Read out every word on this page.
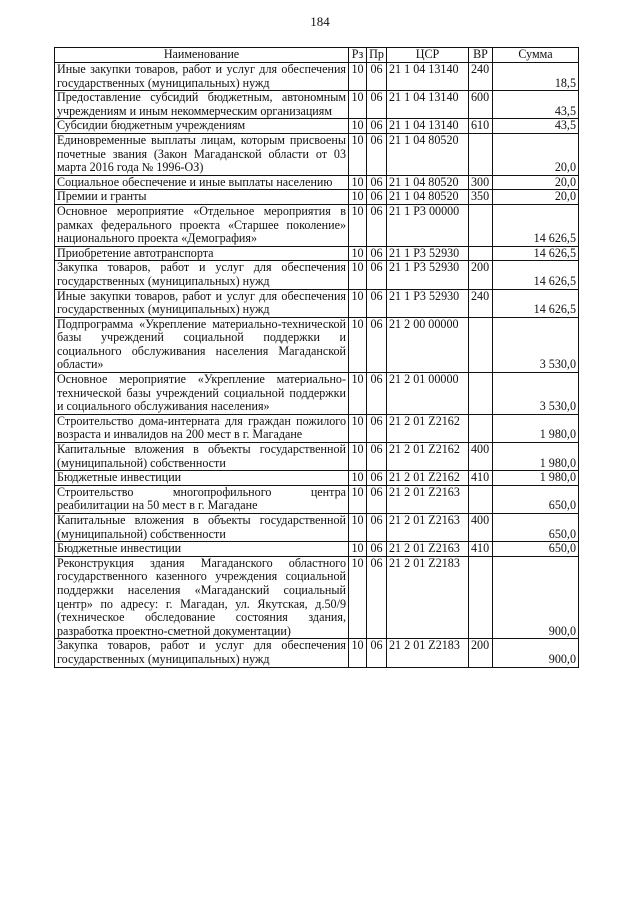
184
Наименование	Рз	Пр	ЦСР	ВР	Сумма
Иные закупки товаров, работ и услуг для обеспечения государственных (муниципальных) нужд	10	06	21 1 04 13140	240	18,5
Предоставление субсидий бюджетным, автономным учреждениям и иным некоммерческим организациям	10	06	21 1 04 13140	600	43,5
Субсидии бюджетным учреждениям	10	06	21 1 04 13140	610	43,5
Единовременные выплаты лицам, которым присвоены почетные звания (Закон Магаданской области от 03 марта 2016 года № 1996-ОЗ)	10	06	21 1 04 80520		20,0
Социальное обеспечение и иные выплаты населению	10	06	21 1 04 80520	300	20,0
Премии и гранты	10	06	21 1 04 80520	350	20,0
Основное мероприятие «Отдельное мероприятия в рамках федерального проекта «Старшее поколение» национального проекта «Демография»	10	06	21 1 P3 00000		14 626,5
Приобретение автотранспорта	10	06	21 1 P3 52930		14 626,5
Закупка товаров, работ и услуг для обеспечения государственных (муниципальных) нужд	10	06	21 1 P3 52930	200	14 626,5
Иные закупки товаров, работ и услуг для обеспечения государственных (муниципальных) нужд	10	06	21 1 P3 52930	240	14 626,5
Подпрограмма «Укрепление материально-технической базы учреждений социальной поддержки и социального обслуживания населения Магаданской области»	10	06	21 2 00 00000		3 530,0
Основное мероприятие «Укрепление материально-технической базы учреждений социальной поддержки и социального обслуживания населения»	10	06	21 2 01 00000		3 530,0
Строительство дома-интерната для граждан пожилого возраста и инвалидов на 200 мест в г. Магадане	10	06	21 2 01 Z2162		1 980,0
Капитальные вложения в объекты государственной (муниципальной) собственности	10	06	21 2 01 Z2162	400	1 980,0
Бюджетные инвестиции	10	06	21 2 01 Z2162	410	1 980,0
Строительство многопрофильного центра реабилитации на 50 мест в г. Магадане	10	06	21 2 01 Z2163		650,0
Капитальные вложения в объекты государственной (муниципальной) собственности	10	06	21 2 01 Z2163	400	650,0
Бюджетные инвестиции	10	06	21 2 01 Z2163	410	650,0
Реконструкция здания Магаданского областного государственного казенного учреждения социальной поддержки населения «Магаданский социальный центр» по адресу: г. Магадан, ул. Якутская, д.50/9 (техническое обследование состояния здания, разработка проектно-сметной документации)	10	06	21 2 01 Z2183		900,0
Закупка товаров, работ и услуг для обеспечения государственных (муниципальных) нужд	10	06	21 2 01 Z2183	200	900,0
